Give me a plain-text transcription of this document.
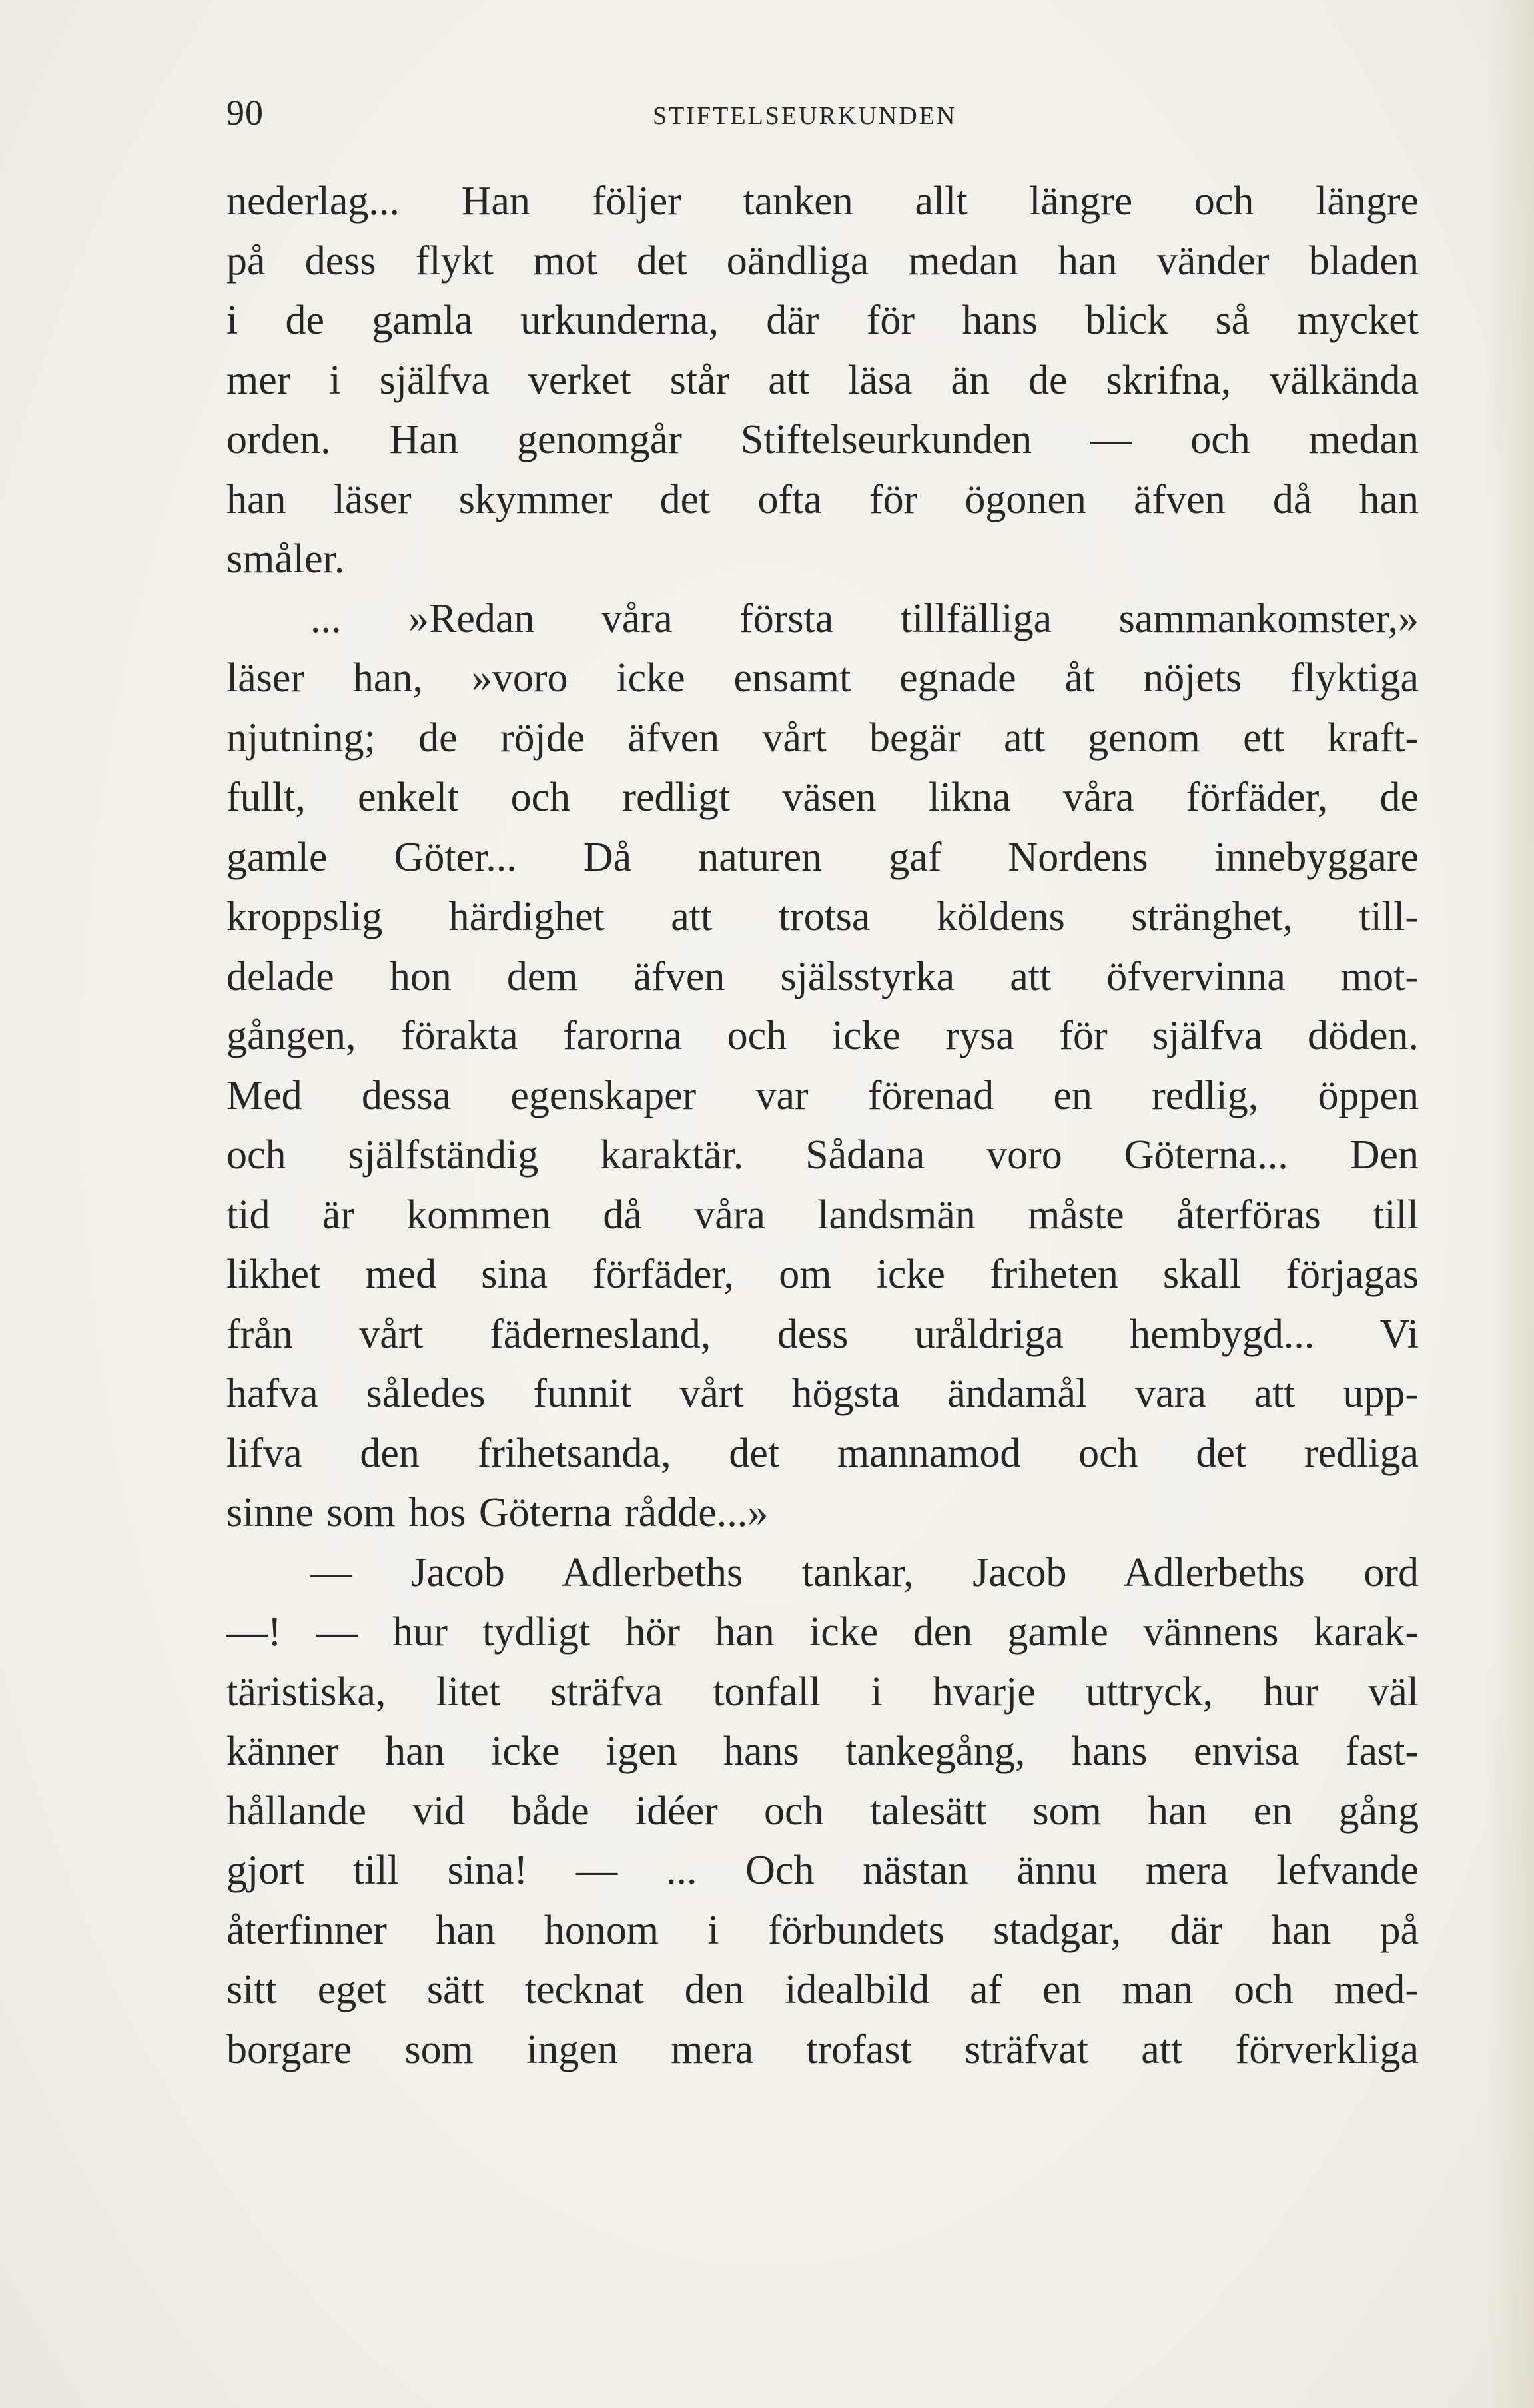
90	STIFTELSEURKUNDEN
nederlag... Han följer tanken allt längre och längre
på dess flykt mot det oändliga medan han vänder bladen
i de gamla urkunderna, där för hans blick så mycket
mer i själfva verket står att läsa än de skrifna, välkända
orden. Han genomgår Stiftelseurkunden — och medan
han läser skymmer det ofta för ögonen äfven då han
småler.
... »Redan våra första tillfälliga sammankomster,»
läser han, »voro icke ensamt egnade åt nöjets flyktiga
njutning; de röjde äfven vårt begär att genom ett kraft-
fullt, enkelt och redligt väsen likna våra förfäder, de
gamle Göter... Då naturen gaf Nordens innebyggare
kroppslig härdighet att trotsa köldens stränghet, till-
delade hon dem äfven själsstyrka att öfvervinna mot-
gången, förakta farorna och icke rysa för själfva döden.
Med dessa egenskaper var förenad en redlig, öppen
och själfständig karaktär. Sådana voro Göterna... Den
tid är kommen då våra landsmän måste återföras till
likhet med sina förfäder, om icke friheten skall förjagas
från vårt fädernesland, dess uråldriga hembygd... Vi
hafva således funnit vårt högsta ändamål vara att upp-
lifva den frihetsanda, det mannamod och det redliga
sinne som hos Göterna rådde...»
— Jacob Adlerbeths tankar, Jacob Adlerbeths ord
—! — hur tydligt hör han icke den gamle vännens karak-
täristiska, litet sträfva tonfall i hvarje uttryck, hur väl
känner han icke igen hans tankegång, hans envisa fast-
hållande vid både idéer och talesätt som han en gång
gjort till sina! — ... Och nästan ännu mera lefvande
återfinner han honom i förbundets stadgar, där han på
sitt eget sätt tecknat den idealbild af en man och med-
borgare som ingen mera trofast sträfvat att förverkliga
